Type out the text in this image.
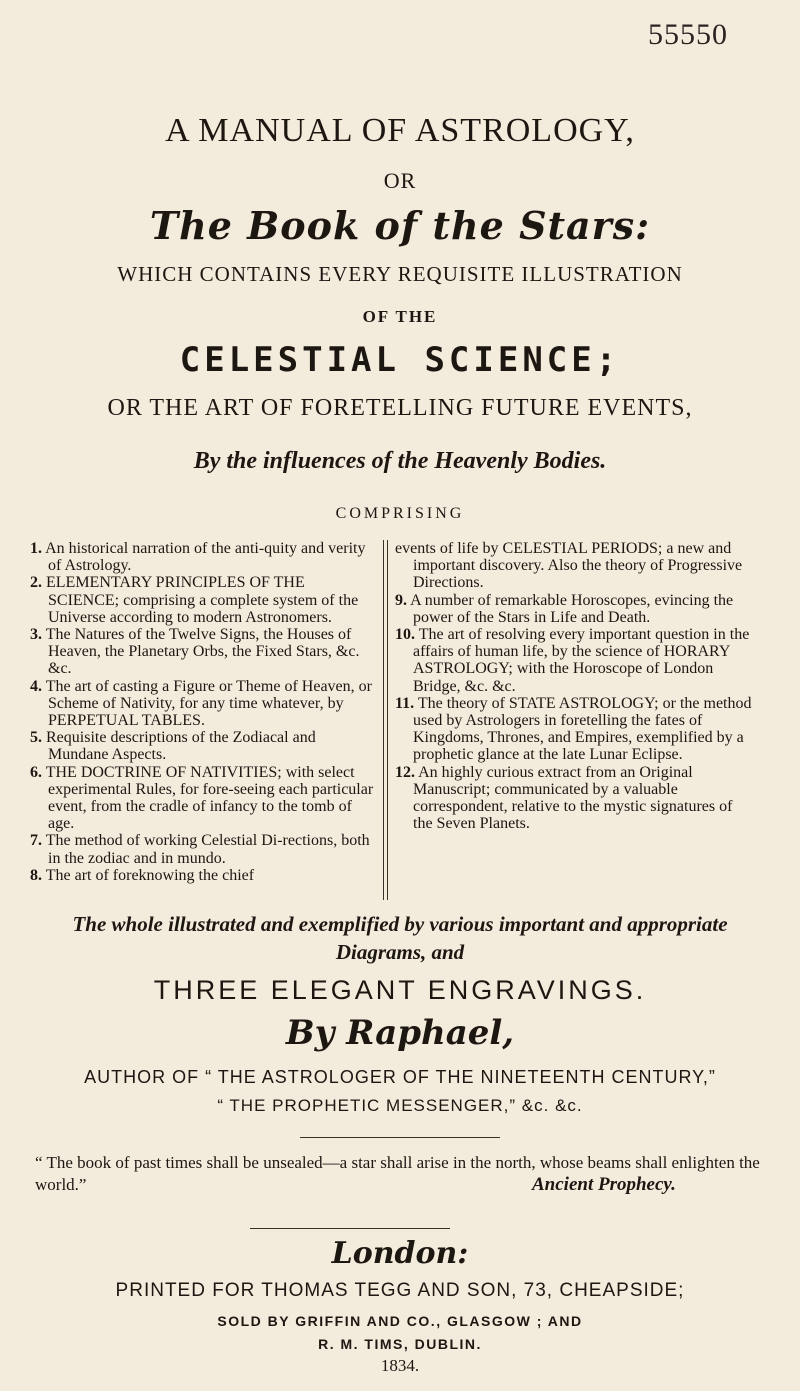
55550
A MANUAL OF ASTROLOGY,
OR
The Book of the Stars:
WHICH CONTAINS EVERY REQUISITE ILLUSTRATION
OF THE
CELESTIAL SCIENCE;
OR THE ART OF FORETELLING FUTURE EVENTS,
By the influences of the Heavenly Bodies.
COMPRISING

1. An historical narration of the anti-quity and verity of Astrology.

2. ELEMENTARY PRINCIPLES OF THE SCIENCE; comprising a complete system of the Universe according to modern Astronomers.

3. The Natures of the Twelve Signs, the Houses of Heaven, the Planetary Orbs, the Fixed Stars, &c. &c.

4. The art of casting a Figure or Theme of Heaven, or Scheme of Nativity, for any time whatever, by PERPETUAL TABLES.

5. Requisite descriptions of the Zodiacal and Mundane Aspects.

6. THE DOCTRINE OF NATIVITIES; with select experimental Rules, for fore-seeing each particular event, from the cradle of infancy to the tomb of age.

7. The method of working Celestial Di-rections, both in the zodiac and in mundo.

8. The art of foreknowing the chief

events of life by CELESTIAL PERIODS; a new and important discovery. Also the theory of Progressive Directions.

9. A number of remarkable Horoscopes, evincing the power of the Stars in Life and Death.

10. The art of resolving every important question in the affairs of human life, by the science of HORARY ASTROLOGY; with the Horoscope of London Bridge, &c. &c.

11. The theory of STATE ASTROLOGY; or the method used by Astrologers in foretelling the fates of Kingdoms, Thrones, and Empires, exemplified by a prophetic glance at the late Lunar Eclipse.

12. An highly curious extract from an Original Manuscript; communicated by a valuable correspondent, relative to the mystic signatures of the Seven Planets.

The whole illustrated and exemplified by various important and appropriate
Diagrams, and
THREE ELEGANT ENGRAVINGS.
By Raphael,
AUTHOR OF “ THE ASTROLOGER OF THE NINETEENTH CENTURY,”
“ THE PROPHETIC MESSENGER,” &c. &c.
“ The book of past times shall be unsealed—a star shall arise in the north, whose beams shall enlighten the world.”	Ancient Prophecy.
London:
PRINTED FOR THOMAS TEGG AND SON, 73, CHEAPSIDE;
SOLD BY GRIFFIN AND CO., GLASGOW ; AND
R. M. TIMS, DUBLIN.
1834.
